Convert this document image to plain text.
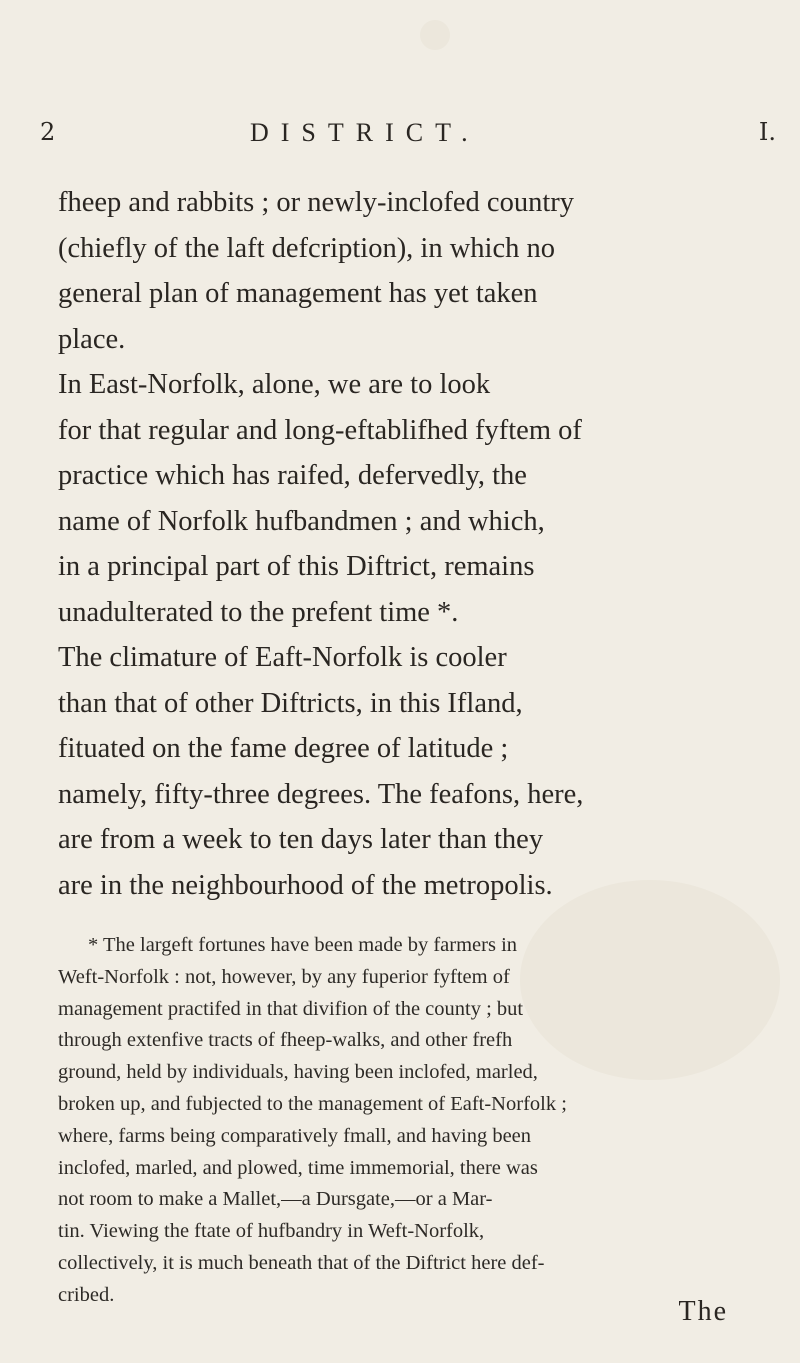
2	DISTRICT.	I.
fheep and rabbits ; or newly-inclofed country
(chiefly of the laft defcription), in which no
general plan of management has yet taken
place.
In East-Norfolk, alone, we are to look
for that regular and long-eftablifhed fyftem of
practice which has raifed, defervedly, the
name of Norfolk hufbandmen ; and which,
in a principal part of this Diftrict, remains
unadulterated to the prefent time *.
The climature of Eaft-Norfolk is cooler
than that of other Diftricts, in this Ifland,
fituated on the fame degree of latitude ;
namely, fifty-three degrees. The feafons, here,
are from a week to ten days later than they
are in the neighbourhood of the metropolis.
* The largeft fortunes have been made by farmers in
Weft-Norfolk : not, however, by any fuperior fyftem of
management practifed in that divifion of the county ; but
through extenfive tracts of fheep-walks, and other frefh
ground, held by individuals, having been inclofed, marled,
broken up, and fubjected to the management of Eaft-Norfolk ;
where, farms being comparatively fmall, and having been
inclofed, marled, and plowed, time immemorial, there was
not room to make a Mallet,—a Dursgate,—or a Mar-
tin. Viewing the ftate of hufbandry in Weft-Norfolk,
collectively, it is much beneath that of the Diftrict here def-
cribed.
The
